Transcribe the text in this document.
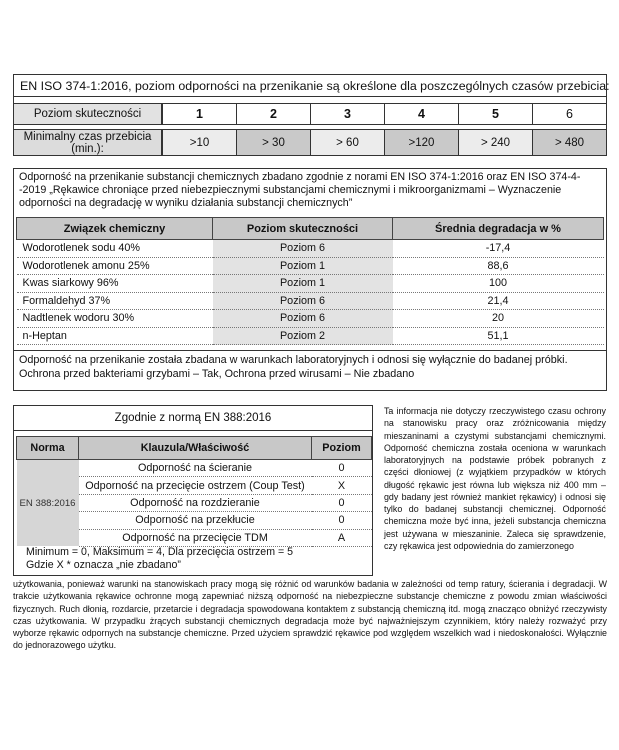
EN ISO 374-1:2016, poziom odporności na przenikanie są określone dla poszczególnych czasów przebicia:
Poziom skuteczności	1	2	3	4	5	6
Minimalny czas przebicia (min.):	>10	> 30	> 60	>120	> 240	> 480
Odporność na przenikanie substancji chemicznych zbadano zgodnie z norami EN ISO 374-1:2016 oraz EN ISO 374-4--2019 „Rękawice chroniące przed niebezpiecznymi substancjami chemicznymi i mikroorganizmami – Wyznaczenie odporności na degradację w wyniku działania substancji chemicznych”
Związek chemiczny	Poziom skuteczności	Średnia degradacja w %
Wodorotlenek sodu 40%	Poziom 6	-17,4
Wodorotlenek amonu 25%	Poziom 1	88,6
Kwas siarkowy 96%	Poziom 1	100
Formaldehyd 37%	Poziom 6	21,4
Nadtlenek wodoru 30%	Poziom 6	20
n-Heptan	Poziom 2	51,1
Odporność na przenikanie została zbadana w warunkach laboratoryjnych i odnosi się wyłącznie do badanej próbki. Ochrona przed bakteriami grzybami – Tak, Ochrona przed wirusami – Nie zbadano
Zgodnie z normą EN 388:2016
Norma	Klauzula/Właściwość	Poziom
EN 388:2016	Odporność na ścieranie	0
	Odporność na przecięcie ostrzem (Coup Test)	X
	Odporność na rozdzieranie	0
	Odporność na przekłucie	0
	Odporność na przecięcie TDM	A
Minimum = 0, Maksimum = 4, Dla przecięcia ostrzem = 5
Gdzie X * oznacza „nie zbadano”
Ta informacja nie dotyczy rzeczywistego czasu ochrony na stanowisku pracy oraz zróżnicowania między mieszaninami a czystymi substancjami chemicznymi. Odporność chemiczna została oceniona w warunkach laboratoryjnych na podstawie próbek pobranych z części dłoniowej (z wyjątkiem przypadków w których długość rękawic jest równa lub większa niż 400 mm – gdy badany jest również mankiet rękawicy) i odnosi się tylko do badanej substancji chemicznej. Odporność chemiczna może być inna, jeżeli substancja chemiczna jest używana w mieszaninie. Zaleca się sprawdzenie, czy rękawica jest odpowiednia do zamierzonego
użytkowania, ponieważ warunki na stanowiskach pracy mogą się różnić od warunków badania w zależności od temp ratury, ścierania i degradacji. W trakcie użytkowania rękawice ochronne mogą zapewniać niższą odporność na niebezpieczne substancje chemiczne z powodu zmian właściwości fizycznych. Ruch dłonią, rozdarcie, przetarcie i degradacja spowodowana kontaktem z substancją chemiczną itd. mogą znacząco obniżyć rzeczywisty czas użytkowania. W przypadku żrących substancji chemicznych degradacja może być najważniejszym czynnikiem, który należy rozważyć przy wyborze rękawic odpornych na substancje chemiczne. Przed użyciem sprawdzić rękawice pod względem wszelkich wad i niedoskonałości. Wyłącznie do jednorazowego użytku.
